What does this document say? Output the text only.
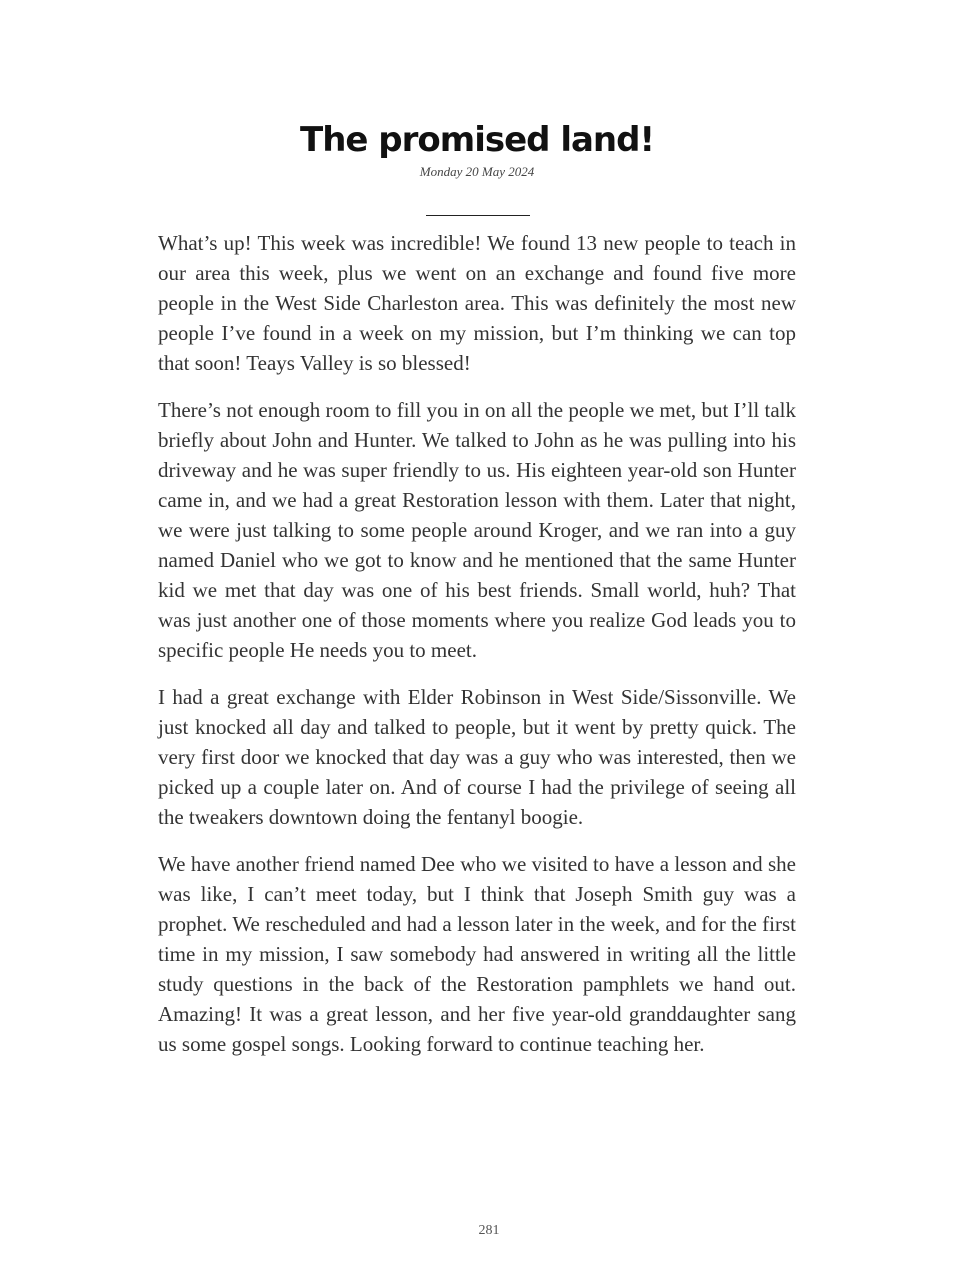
The promised land!
Monday 20 May 2024

What’s up! This week was incredible! We found 13 new people to teach in our area this week, plus we went on an exchange and found five more people in the West Side Charleston area. This was definitely the most new people I’ve found in a week on my mission, but I’m thinking we can top that soon! Teays Valley is so blessed!

There’s not enough room to fill you in on all the people we met, but I’ll talk briefly about John and Hunter. We talked to John as he was pulling into his driveway and he was super friendly to us. His eighteen year-old son Hunter came in, and we had a great Restoration lesson with them. Later that night, we were just talking to some people around Kroger, and we ran into a guy named Daniel who we got to know and he mentioned that the same Hunter kid we met that day was one of his best friends. Small world, huh? That was just another one of those moments where you realize God leads you to specific people He needs you to meet.

I had a great exchange with Elder Robinson in West Side/Sissonville. We just knocked all day and talked to people, but it went by pretty quick. The very first door we knocked that day was a guy who was interested, then we picked up a couple later on. And of course I had the privilege of seeing all the tweakers downtown doing the fentanyl boogie.

We have another friend named Dee who we visited to have a lesson and she was like, I can’t meet today, but I think that Joseph Smith guy was a prophet. We rescheduled and had a lesson later in the week, and for the first time in my mission, I saw somebody had answered in writing all the little study questions in the back of the Restoration pamphlets we hand out. Amazing! It was a great lesson, and her five year-old granddaughter sang us some gospel songs. Looking forward to continue teaching her.

281
